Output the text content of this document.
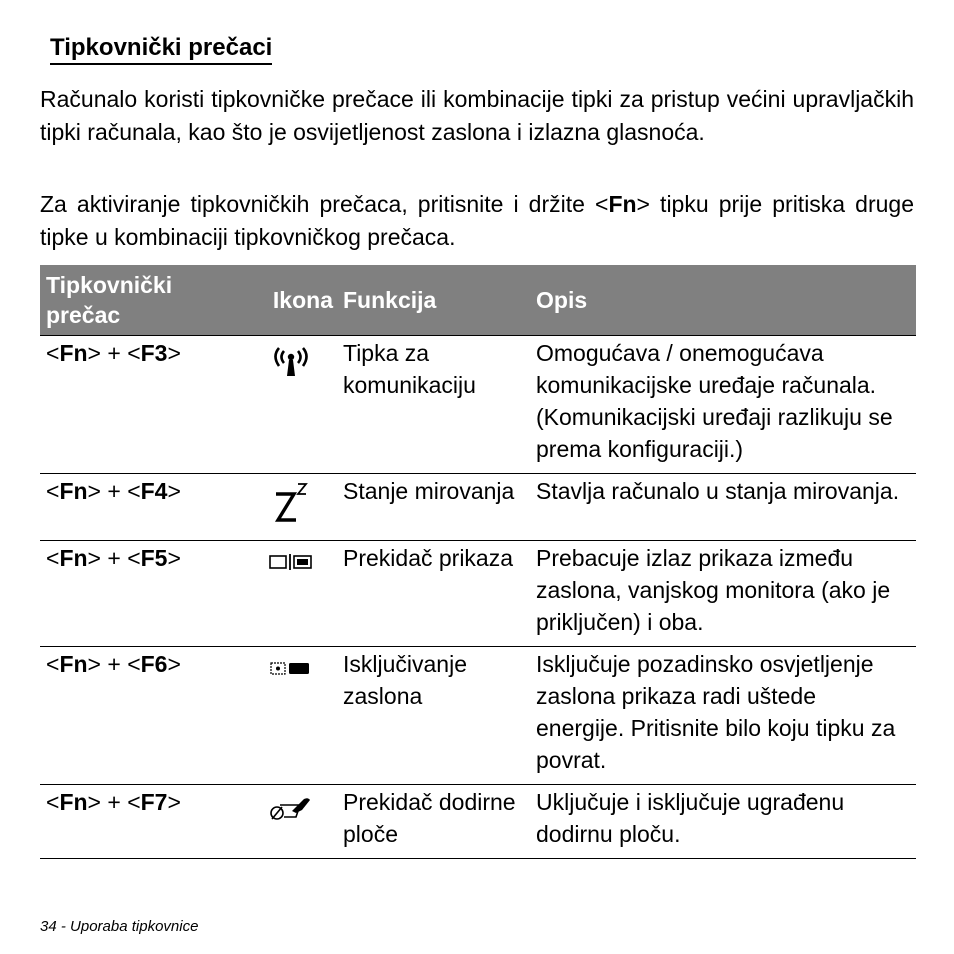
Tipkovnički prečaci

Računalo koristi tipkovničke prečace ili kombinacije tipki za pristup većini upravljačkih tipki računala, kao što je osvijetljenost zaslona i izlazna glasnoća.

Za aktiviranje tipkovničkih prečaca, pritisnite i držite <Fn> tipku prije pritiska druge tipke u kombinaciji tipkovničkog prečaca.

Tipkovnički prečac	Ikona	Funkcija	Opis
<Fn> + <F3>		Tipka za komunikaciju	Omogućava / onemogućava komunikacijske uređaje računala. (Komunikacijski uređaji razlikuju se prema konfiguraciji.)
<Fn> + <F4>		Stanje mirovanja	Stavlja računalo u stanja mirovanja.
<Fn> + <F5>		Prekidač prikaza	Prebacuje izlaz prikaza između zaslona, vanjskog monitora (ako je priključen) i oba.
<Fn> + <F6>		Isključivanje zaslona	Isključuje pozadinsko osvjetljenje zaslona prikaza radi uštede energije. Pritisnite bilo koju tipku za povrat.
<Fn> + <F7>		Prekidač dodirne ploče	Uključuje i isključuje ugrađenu dodirnu ploču.
34 - Uporaba tipkovnice
